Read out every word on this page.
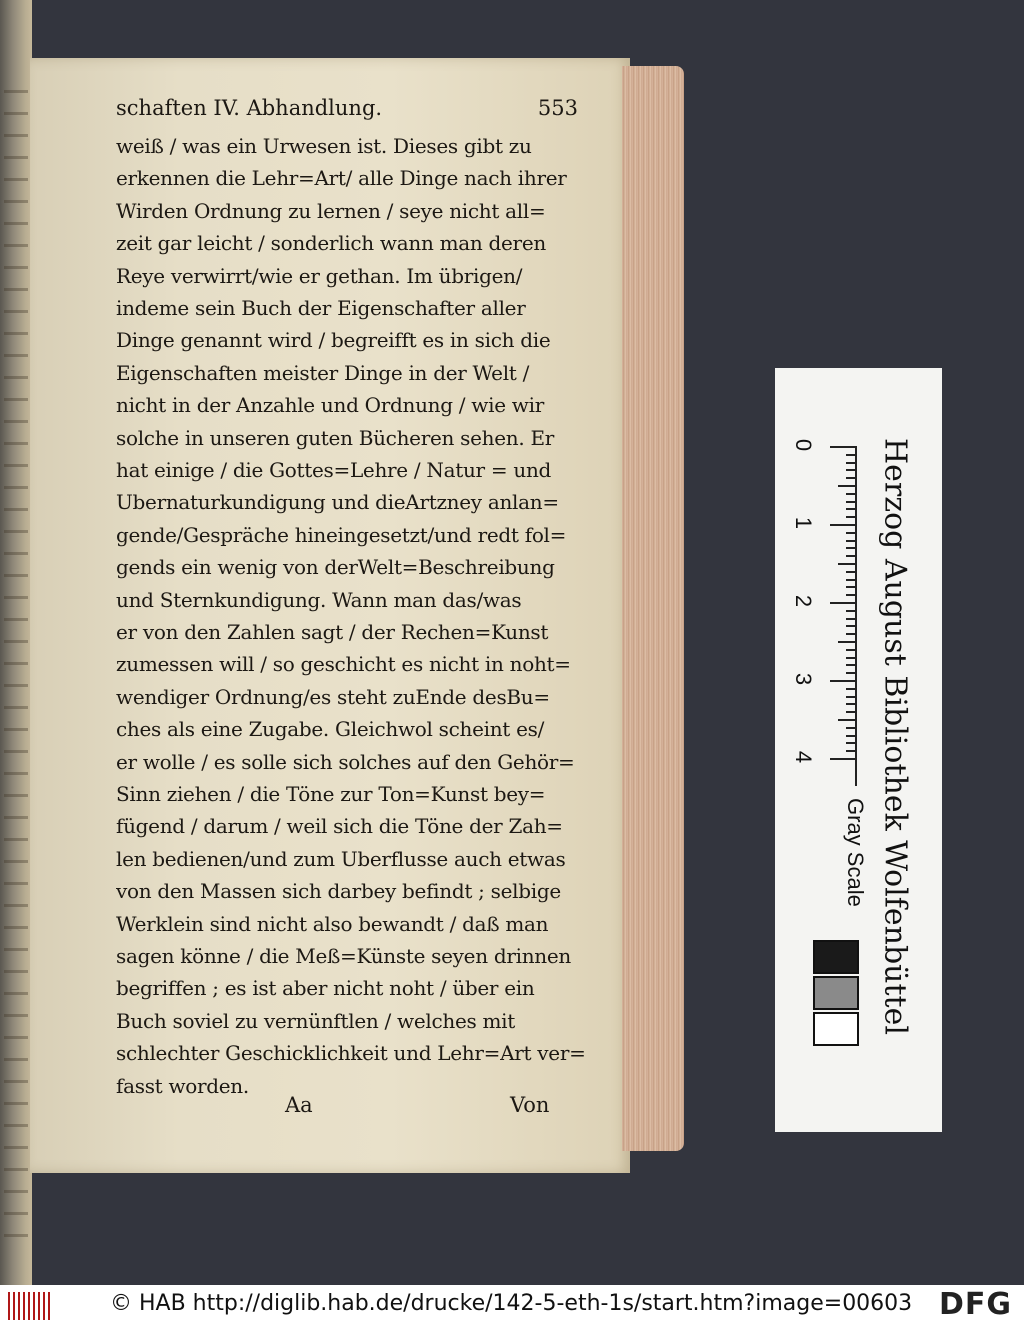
schaften IV. Abhandlung.	553
weiß / was ein Urwesen ist. Dieses gibt zu
erkennen die Lehr=Art/ alle Dinge nach ihrer
Wirden Ordnung zu lernen / seye nicht all=
zeit gar leicht / sonderlich wann man deren
Reye verwirrt/wie er gethan. Im übrigen/
indeme sein Buch der Eigenschafter aller
Dinge genannt wird / begreifft es in sich die
Eigenschaften meister Dinge in der Welt /
nicht in der Anzahle und Ordnung / wie wir
solche in unseren guten Bücheren sehen. Er
hat einige / die Gottes=Lehre / Natur = und
Ubernaturkundigung und dieArtzney anlan=
gende/Gespräche hineingesetzt/und redt fol=
gends ein wenig von derWelt=Beschreibung
und Sternkundigung. Wann man das/was
er von den Zahlen sagt / der Rechen=Kunst
zumessen will / so geschicht es nicht in noht=
wendiger Ordnung/es steht zuEnde desBu=
ches als eine Zugabe. Gleichwol scheint es/
er wolle / es solle sich solches auf den Gehör=
Sinn ziehen / die Töne zur Ton=Kunst bey=
fügend / darum / weil sich die Töne der Zah=
len bedienen/und zum Uberflusse auch etwas
von den Massen sich darbey befindt ; selbige
Werklein sind nicht also bewandt / daß man
sagen könne / die Meß=Künste seyen drinnen
begriffen ; es ist aber nicht noht / über ein
Buch soviel zu vernünftlen / welches mit
schlechter Geschicklichkeit und Lehr=Art ver=
fasst worden.
Aa	Von
Herzog August Bibliothek Wolfenbüttel
0
1
2
3
4
Gray Scale
© HAB http://diglib.hab.de/drucke/142-5-eth-1s/start.htm?image=00603 DFG
